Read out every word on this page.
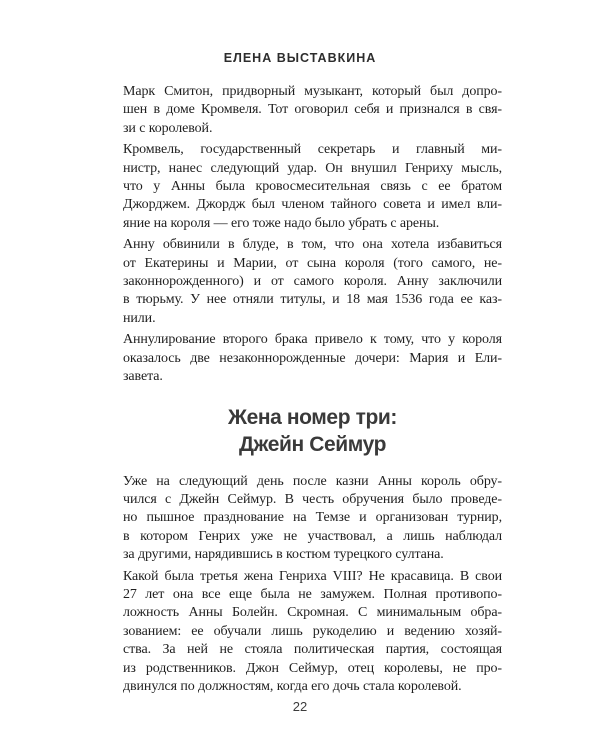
ЕЛЕНА ВЫСТАВКИНА

Марк Смитон, придворный музыкант, который был допро-
шен в доме Кромвеля. Тот оговорил себя и признался в свя-
зи с королевой.

Кромвель, государственный секретарь и главный ми-
нистр, нанес следующий удар. Он внушил Генриху мысль,
что у Анны была кровосмесительная связь с ее братом
Джорджем. Джордж был членом тайного совета и имел вли-
яние на короля — его тоже надо было убрать с арены.

Анну обвинили в блуде, в том, что она хотела избавиться
от Екатерины и Марии, от сына короля (того самого, не-
законнорожденного) и от самого короля. Анну заключили
в тюрьму. У нее отняли титулы, и 18 мая 1536 года ее каз-
нили.

Аннулирование второго брака привело к тому, что у короля
оказалось две незаконнорожденные дочери: Мария и Ели-
завета.

Жена номер три:
Джейн Сеймур

Уже на следующий день после казни Анны король обру-
чился с Джейн Сеймур. В честь обручения было проведе-
но пышное празднование на Темзе и организован турнир,
в котором Генрих уже не участвовал, а лишь наблюдал
за другими, нарядившись в костюм турецкого султана.

Какой была третья жена Генриха VIII? Не красавица. В свои
27 лет она все еще была не замужем. Полная противопо-
ложность Анны Болейн. Скромная. С минимальным обра-
зованием: ее обучали лишь рукоделию и ведению хозяй-
ства. За ней не стояла политическая партия, состоящая
из родственников. Джон Сеймур, отец королевы, не про-
двинулся по должностям, когда его дочь стала королевой.

22
